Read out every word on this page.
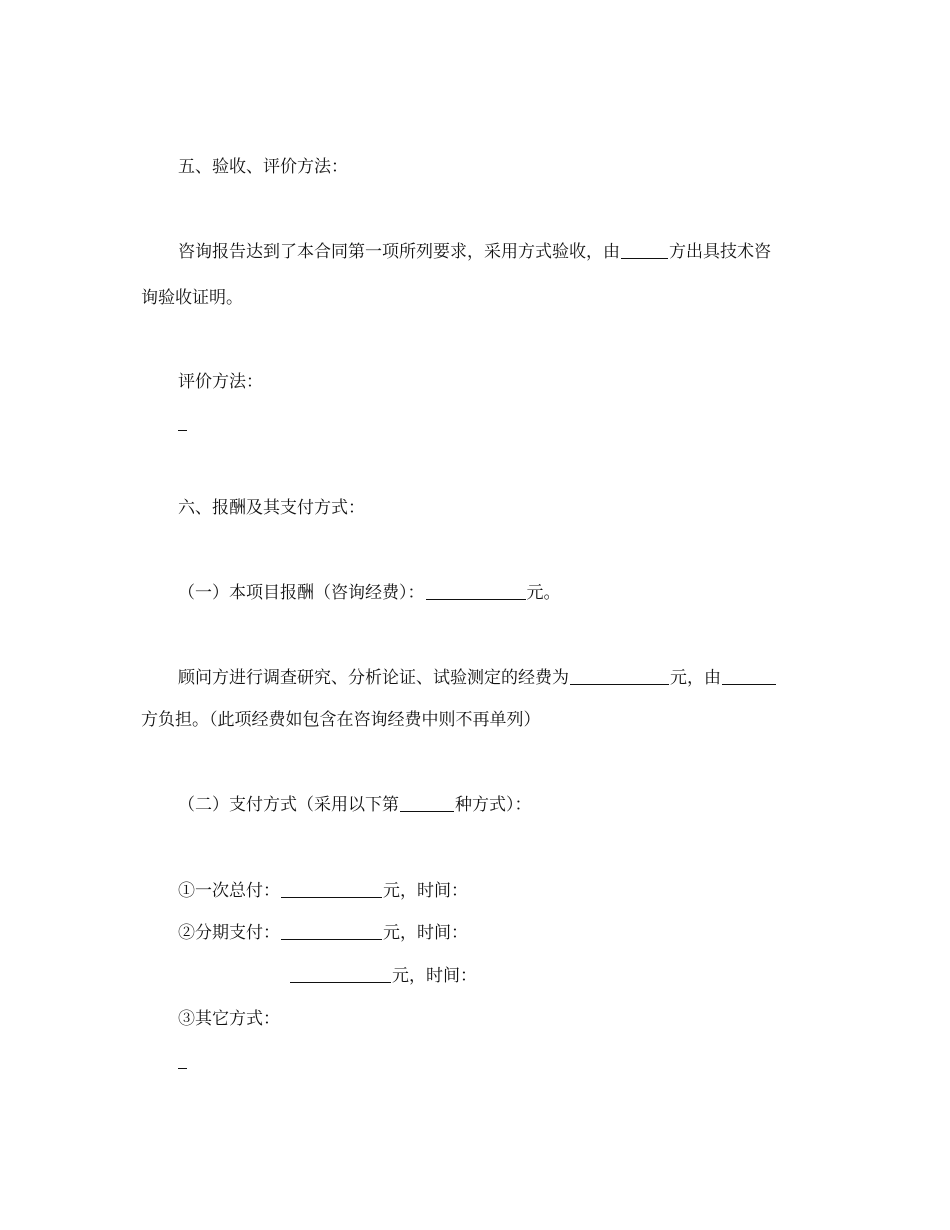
五、验收、评价方法：
咨询报告达到了本合同第一项所列要求，采用方式验收，由	方出具技术咨
询验收证明。
评价方法：
六、报酬及其支付方式：
（一）本项目报酬（咨询经费）：	元。
顾问方进行调查研究、分析论证、试验测定的经费为	元，由
方负担。（此项经费如包含在咨询经费中则不再单列）
（二）支付方式（采用以下第	种方式）：
①一次总付：	元，时间：
②分期支付：	元，时间：
元，时间：
③其它方式：
